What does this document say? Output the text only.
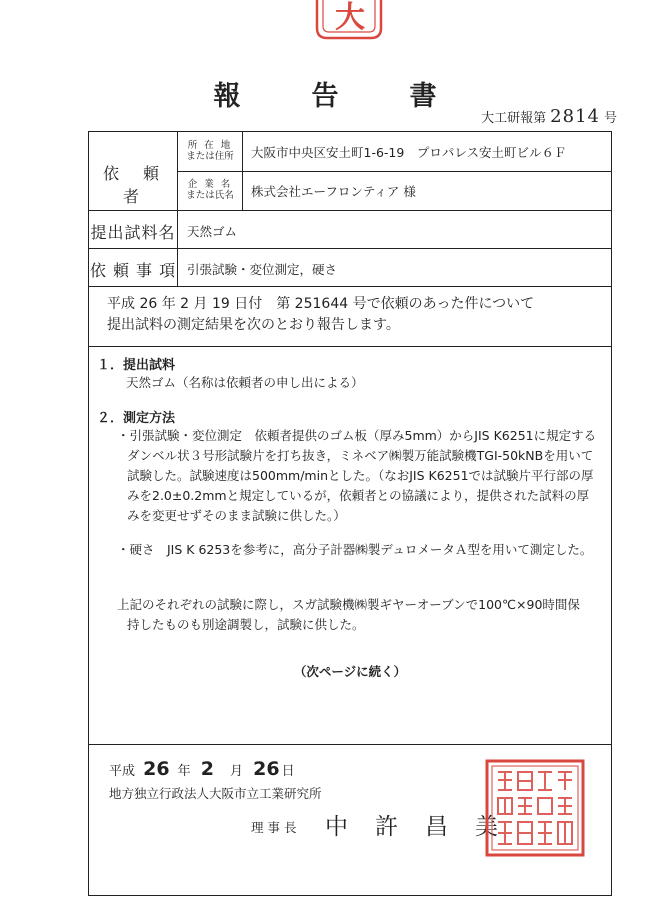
大
報　告　書
大工研報第 2814 号
依　頼　者
所 在 地
または住所	大阪市中央区安土町1-6-19　プロパレス安土町ビル６Ｆ
企 業 名
または氏名	株式会社エーフロンティア 様
提出試料名 天然ゴム
依 頼 事 項 引張試験・変位測定，硬さ
平成 26 年 2 月 19 日付　第 251644 号で依頼のあった件について
提出試料の測定結果を次のとおり報告します。
１．提出試料
天然ゴム（名称は依頼者の申し出による）
２．測定方法
・引張試験・変位測定　依頼者提供のゴム板（厚み5mm）からJIS K6251に規定する
ダンベル状３号形試験片を打ち抜き，ミネベア㈱製万能試験機TGI-50kNBを用いて
試験した。試験速度は500mm/minとした。（なおJIS K6251では試験片平行部の厚
みを2.0±0.2mmと規定しているが，依頼者との協議により，提供された試料の厚
みを変更せずそのまま試験に供した。）
・硬さ　JIS K 6253を参考に，高分子計器㈱製デュロメータＡ型を用いて測定した。
上記のそれぞれの試験に際し，スガ試験機㈱製ギヤーオーブンで100℃×90時間保
持したものも別途調製し，試験に供した。
（次ページに続く）
平成 26 年 2 月 26 日
地方独立行政法人大阪市立工業研究所
理 事 長 中　許　昌　美
